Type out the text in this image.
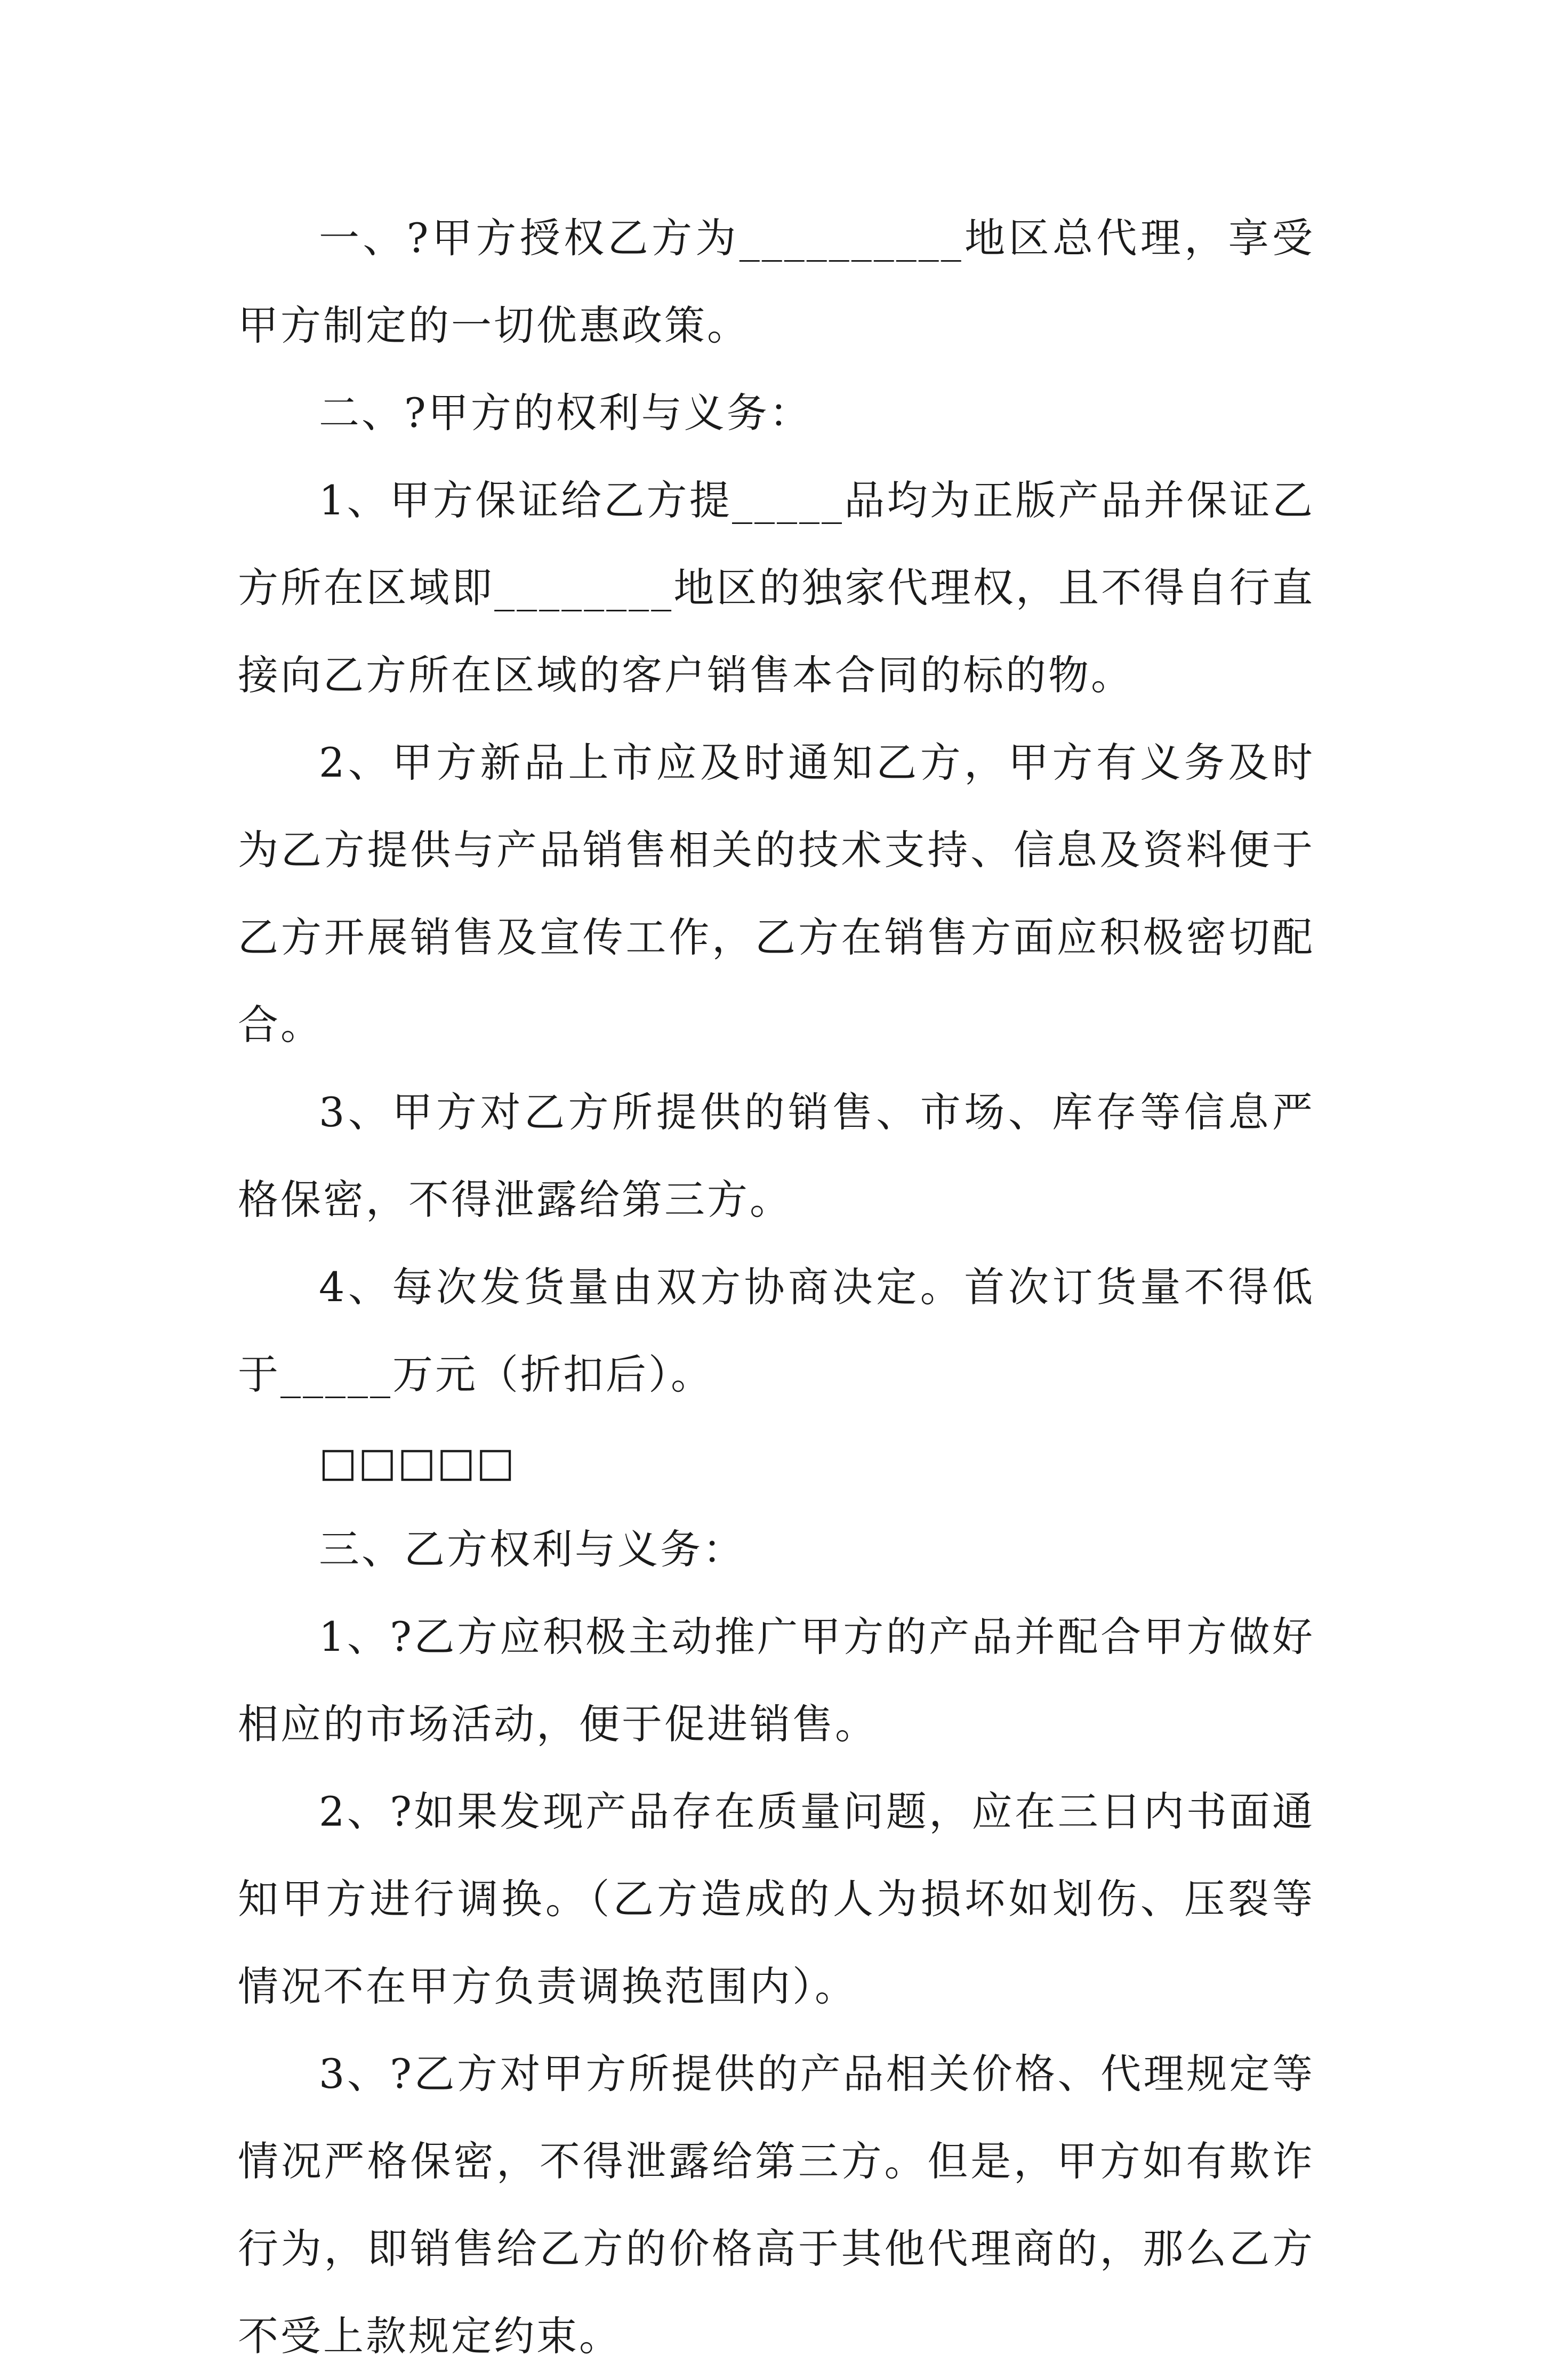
一、?甲方授权乙方为__________地区总代理，享受甲方制定的一切优惠政策。

二、?甲方的权利与义务：

1、甲方保证给乙方提_____品均为正版产品并保证乙方所在区域即________地区的独家代理权，且不得自行直接向乙方所在区域的客户销售本合同的标的物。

2、甲方新品上市应及时通知乙方，甲方有义务及时为乙方提供与产品销售相关的技术支持、信息及资料便于乙方开展销售及宣传工作，乙方在销售方面应积极密切配合。

3、甲方对乙方所提供的销售、市场、库存等信息严格保密，不得泄露给第三方。

4、每次发货量由双方协商决定。首次订货量不得低于_____万元（折扣后）。

□□□□□

三、乙方权利与义务：

1、?乙方应积极主动推广甲方的产品并配合甲方做好相应的市场活动，便于促进销售。

2、?如果发现产品存在质量问题，应在三日内书面通知甲方进行调换。（乙方造成的人为损坏如划伤、压裂等情况不在甲方负责调换范围内）。

3、?乙方对甲方所提供的产品相关价格、代理规定等情况严格保密，不得泄露给第三方。但是，甲方如有欺诈行为，即销售给乙方的价格高于其他代理商的，那么乙方不受上款规定约束。
